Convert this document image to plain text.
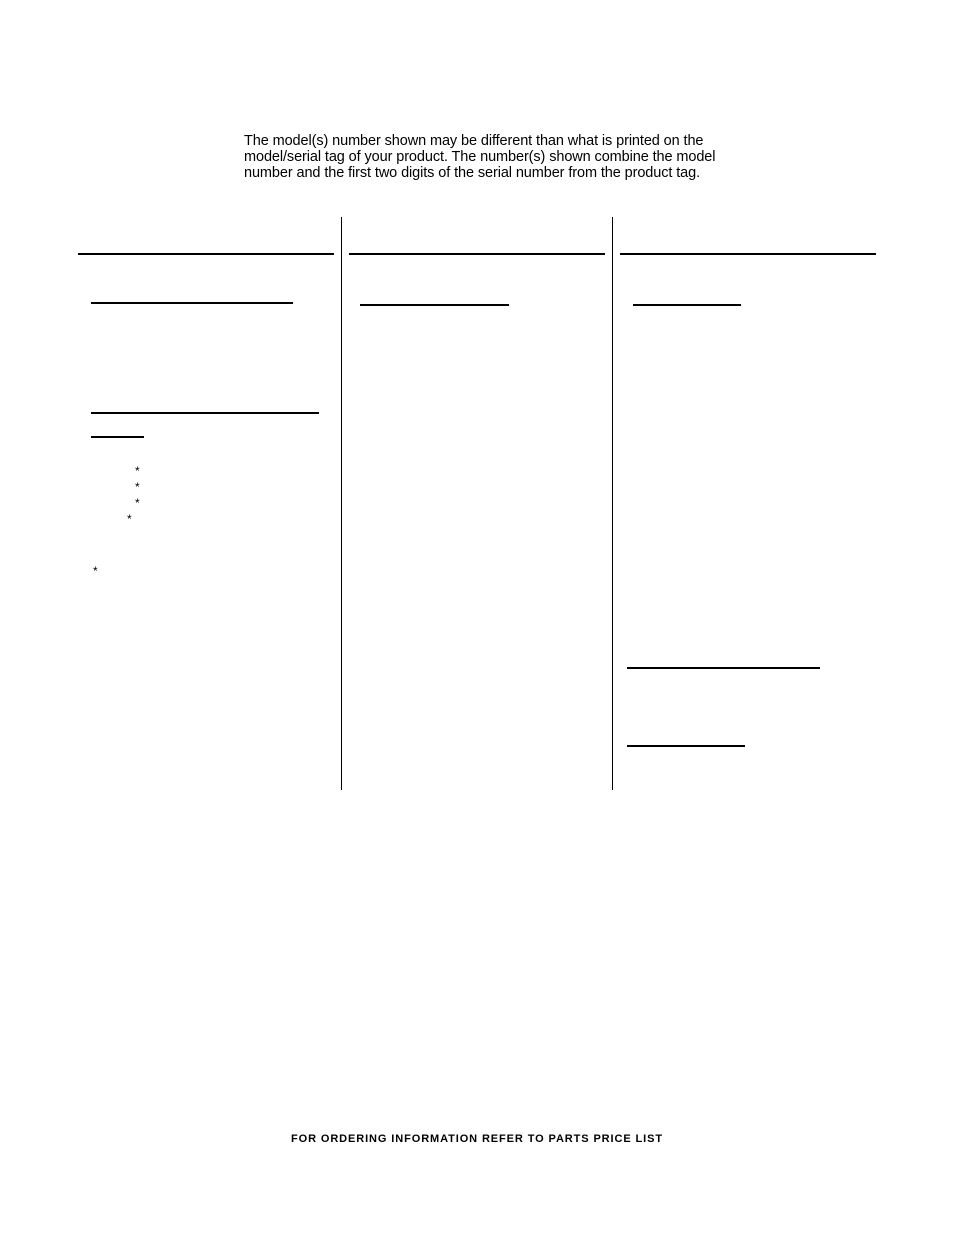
The model(s) number shown may be different than what is printed on the
model/serial tag of your product. The number(s) shown combine the model
number and the first two digits of the serial number from the product tag.
*
*
*
*
*
FOR ORDERING INFORMATION REFER TO PARTS PRICE LIST
